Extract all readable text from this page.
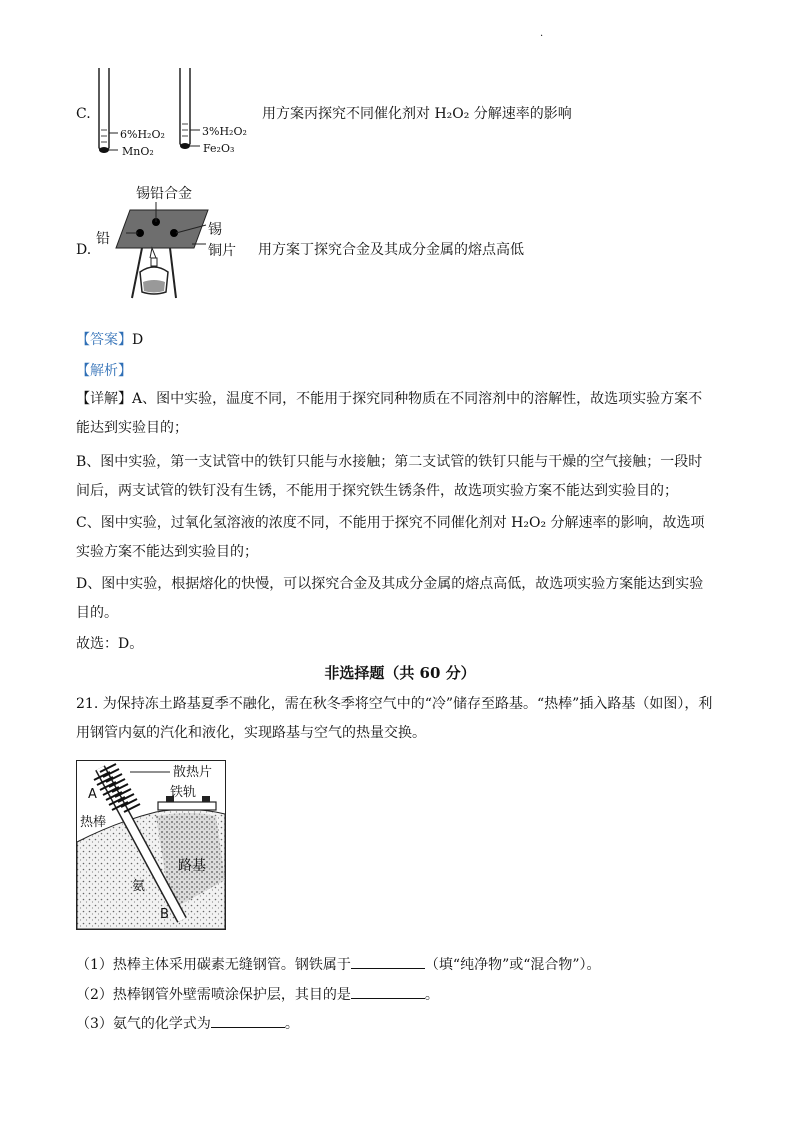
.
C.
6%H₂O₂
MnO₂
3%H₂O₂
Fe₂O₃
用方案丙探究不同催化剂对 H₂O₂ 分解速率的影响
D.
锡铅合金
铅
锡
铜片 用方案丁探究合金及其成分金属的熔点高低
【答案】D
【解析】
【详解】A、图中实验，温度不同，不能用于探究同种物质在不同溶剂中的溶解性，故选项实验方案不能达到实验目的；
B、图中实验，第一支试管中的铁钉只能与水接触；第二支试管的铁钉只能与干燥的空气接触；一段时间后，两支试管的铁钉没有生锈，不能用于探究铁生锈条件，故选项实验方案不能达到实验目的；
C、图中实验，过氧化氢溶液的浓度不同，不能用于探究不同催化剂对 H₂O₂ 分解速率的影响，故选项实验方案不能达到实验目的；
D、图中实验，根据熔化的快慢，可以探究合金及其成分金属的熔点高低，故选项实验方案能达到实验目的。
故选：D。
非选择题（共 60 分）
21. 为保持冻土路基夏季不融化，需在秋冬季将空气中的“冷”储存至路基。“热棒”插入路基（如图），利用钢管内氨的汽化和液化，实现路基与空气的热量交换。
散热片
铁轨
A
热棒
路基
氨
B
（1）热棒主体采用碳素无缝钢管。钢铁属于	（填“纯净物”或“混合物”）。
（2）热棒钢管外壁需喷涂保护层，其目的是	。
（3）氨气的化学式为	。
